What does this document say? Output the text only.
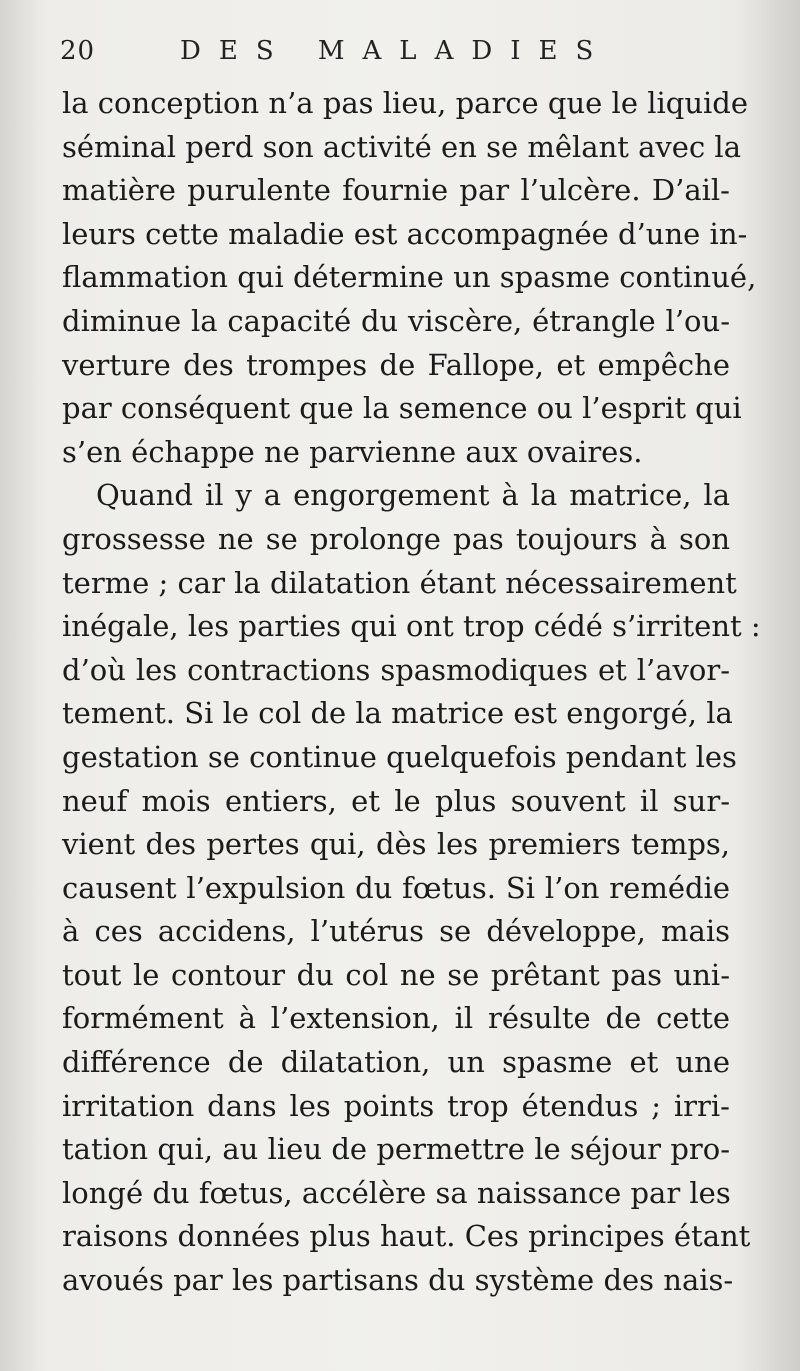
20	DES MALADIES
la conception n’a pas lieu, parce que le liquide
séminal perd son activité en se mêlant avec la
matière purulente fournie par l’ulcère. D’ail-
leurs cette maladie est accompagnée d’une in-
flammation qui détermine un spasme continué,
diminue la capacité du viscère, étrangle l’ou-
verture des trompes de Fallope, et empêche
par conséquent que la semence ou l’esprit qui
s’en échappe ne parvienne aux ovaires.
Quand il y a engorgement à la matrice, la
grossesse ne se prolonge pas toujours à son
terme ; car la dilatation étant nécessairement
inégale, les parties qui ont trop cédé s’irritent :
d’où les contractions spasmodiques et l’avor-
tement. Si le col de la matrice est engorgé, la
gestation se continue quelquefois pendant les
neuf mois entiers, et le plus souvent il sur-
vient des pertes qui, dès les premiers temps,
causent l’expulsion du fœtus. Si l’on remédie
à ces accidens, l’utérus se développe, mais
tout le contour du col ne se prêtant pas uni-
formément à l’extension, il résulte de cette
différence de dilatation, un spasme et une
irritation dans les points trop étendus ; irri-
tation qui, au lieu de permettre le séjour pro-
longé du fœtus, accélère sa naissance par les
raisons données plus haut. Ces principes étant
avoués par les partisans du système des nais-
